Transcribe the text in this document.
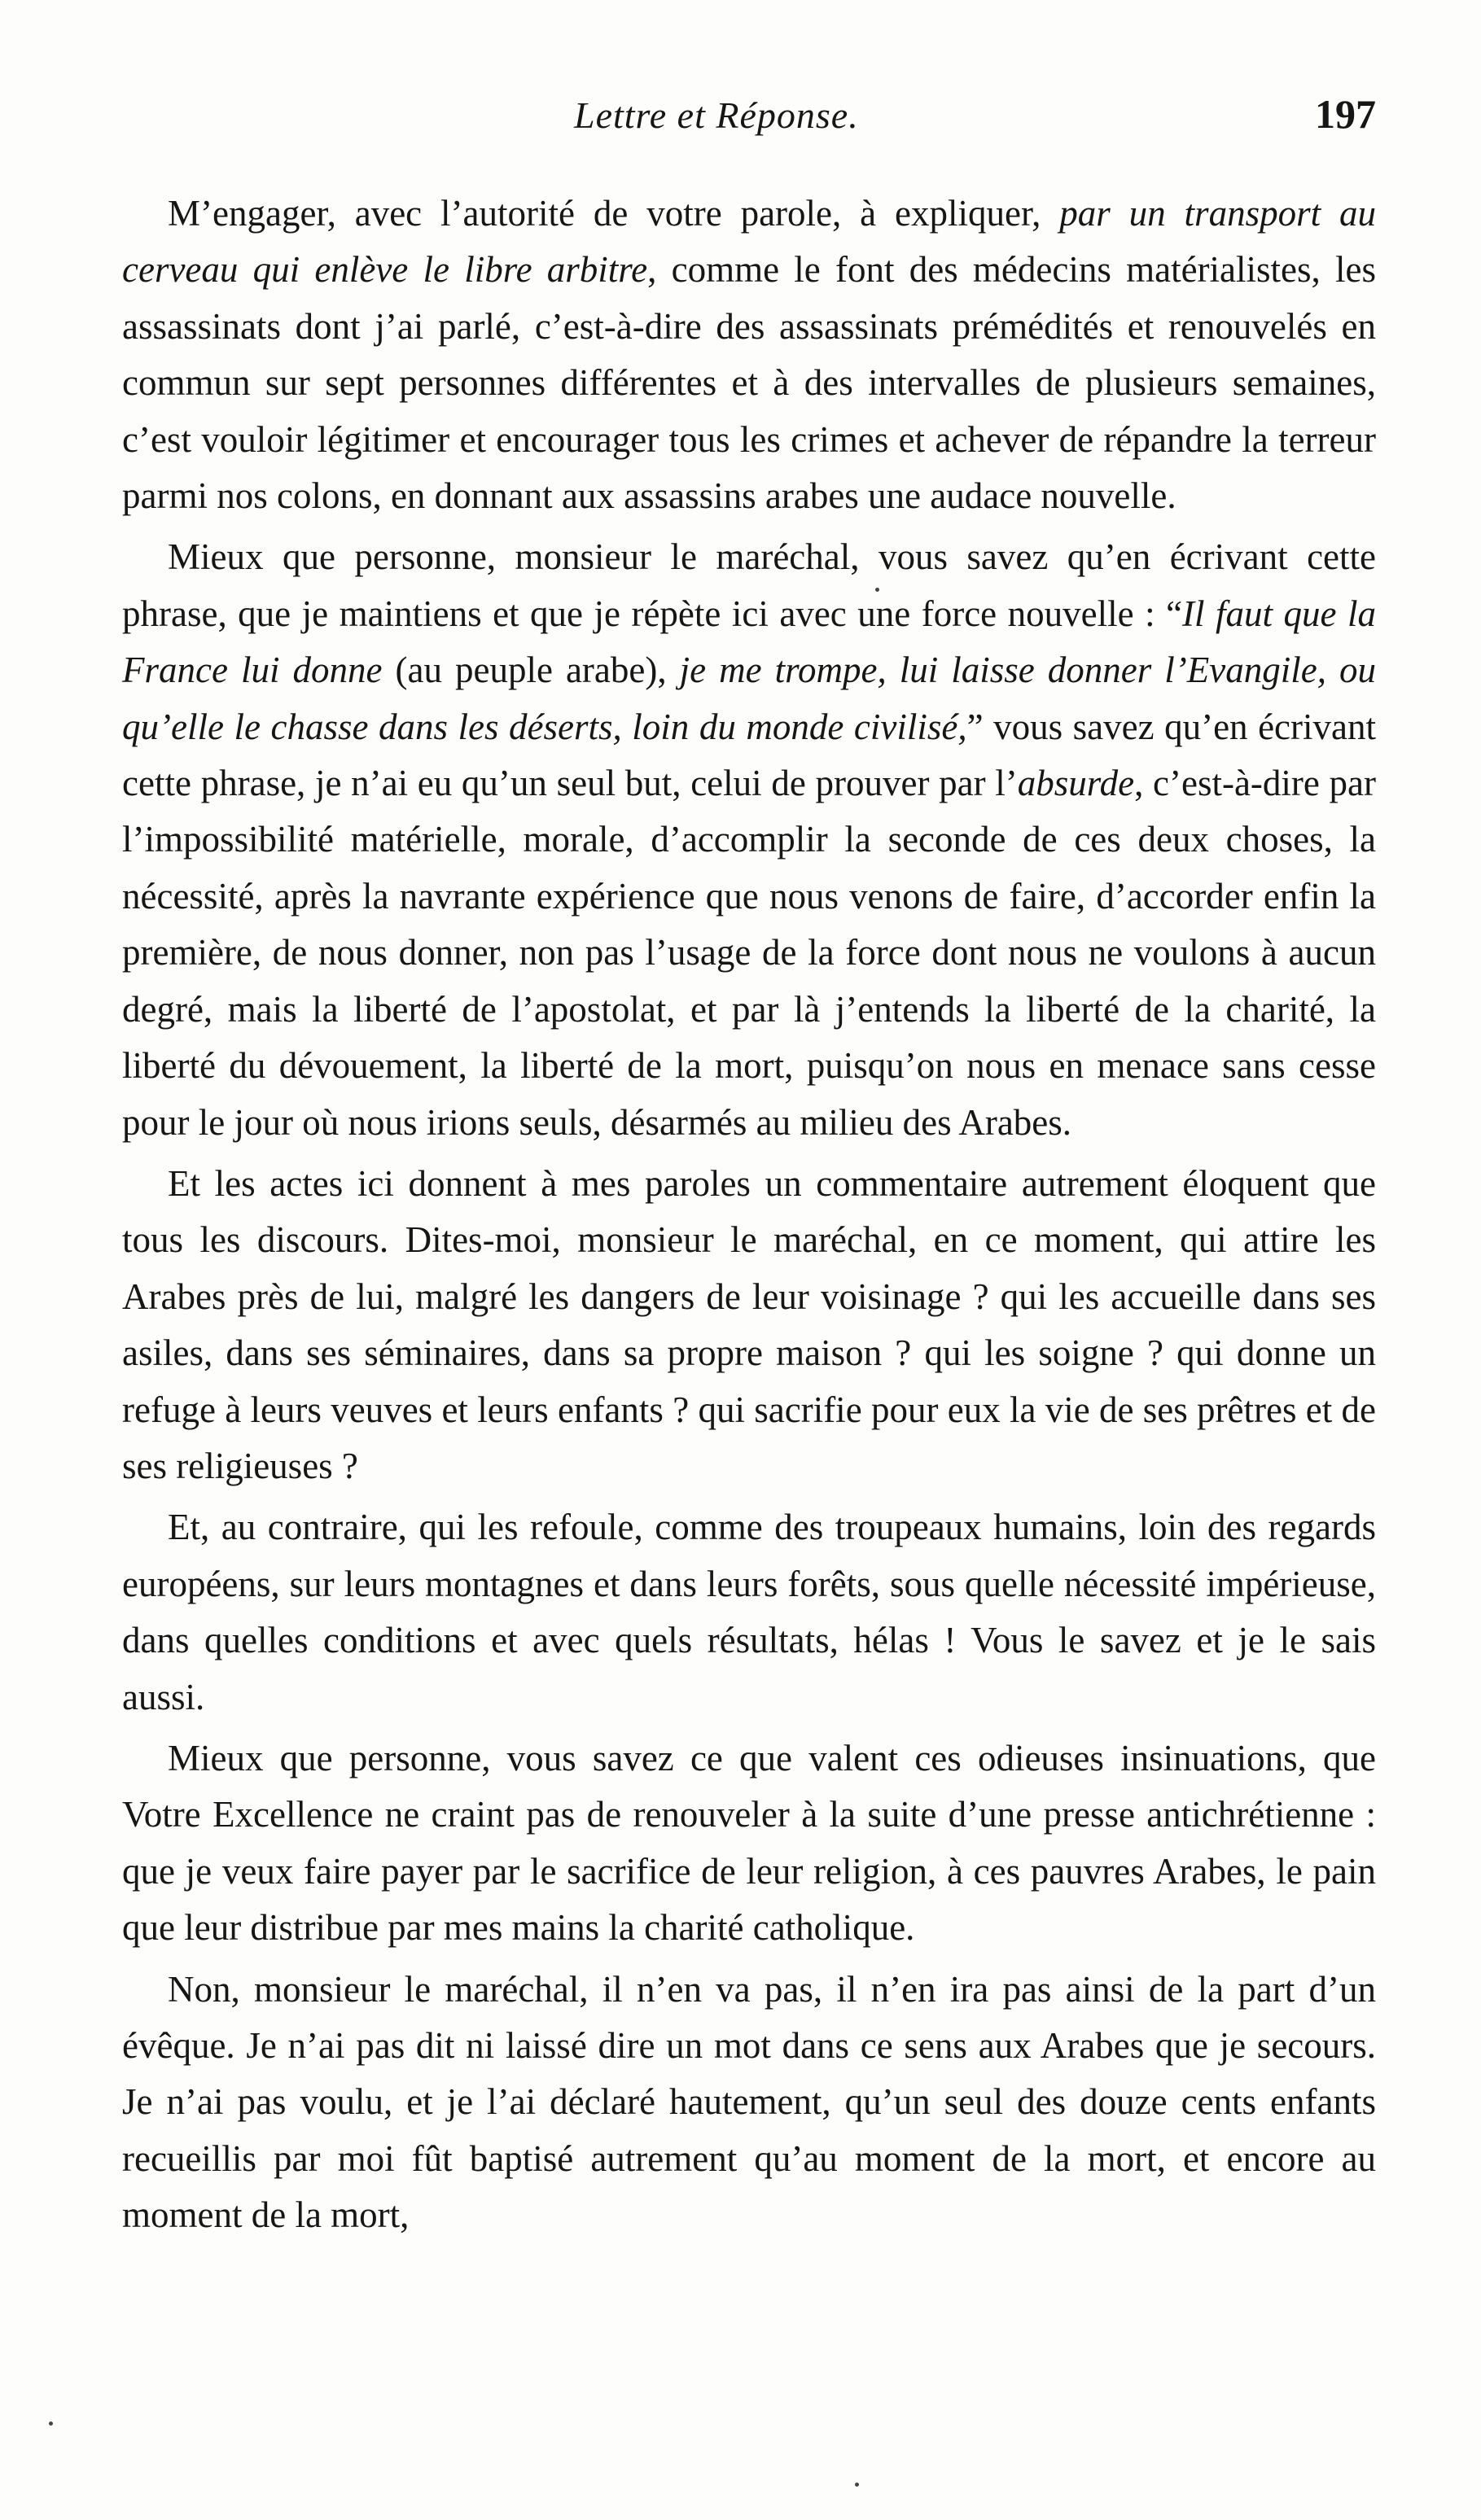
Lettre et Réponse.	197

M’engager, avec l’autorité de votre parole, à expliquer, par un transport au cerveau qui enlève le libre arbitre, comme le font des médecins matérialistes, les assassinats dont j’ai parlé, c’est-à-dire des assassinats prémédités et renouvelés en commun sur sept personnes différentes et à des intervalles de plusieurs semaines, c’est vouloir légitimer et encourager tous les crimes et achever de répandre la terreur parmi nos colons, en donnant aux assassins arabes une audace nouvelle.

Mieux que personne, monsieur le maréchal, vous savez qu’en écrivant cette phrase, que je maintiens et que je répète ici avec une force nouvelle : “Il faut que la France lui donne (au peuple arabe), je me trompe, lui laisse donner l’Evangile, ou qu’elle le chasse dans les déserts, loin du monde civilisé,” vous savez qu’en écrivant cette phrase, je n’ai eu qu’un seul but, celui de prouver par l’absurde, c’est-à-dire par l’impossibilité matérielle, morale, d’accomplir la seconde de ces deux choses, la nécessité, après la navrante expérience que nous venons de faire, d’accorder enfin la première, de nous donner, non pas l’usage de la force dont nous ne voulons à aucun degré, mais la liberté de l’apostolat, et par là j’entends la liberté de la charité, la liberté du dévouement, la liberté de la mort, puisqu’on nous en menace sans cesse pour le jour où nous irions seuls, désarmés au milieu des Arabes.

Et les actes ici donnent à mes paroles un commentaire autrement éloquent que tous les discours. Dites-moi, monsieur le maréchal, en ce moment, qui attire les Arabes près de lui, malgré les dangers de leur voisinage ? qui les accueille dans ses asiles, dans ses séminaires, dans sa propre maison ? qui les soigne ? qui donne un refuge à leurs veuves et leurs enfants ? qui sacrifie pour eux la vie de ses prêtres et de ses religieuses ?

Et, au contraire, qui les refoule, comme des troupeaux humains, loin des regards européens, sur leurs montagnes et dans leurs forêts, sous quelle nécessité impérieuse, dans quelles conditions et avec quels résultats, hélas ! Vous le savez et je le sais aussi.

Mieux que personne, vous savez ce que valent ces odieuses insinuations, que Votre Excellence ne craint pas de renouveler à la suite d’une presse antichrétienne : que je veux faire payer par le sacrifice de leur religion, à ces pauvres Arabes, le pain que leur distribue par mes mains la charité catholique.

Non, monsieur le maréchal, il n’en va pas, il n’en ira pas ainsi de la part d’un évêque. Je n’ai pas dit ni laissé dire un mot dans ce sens aux Arabes que je secours. Je n’ai pas voulu, et je l’ai déclaré hautement, qu’un seul des douze cents enfants recueillis par moi fût baptisé autrement qu’au moment de la mort, et encore au moment de la mort,
